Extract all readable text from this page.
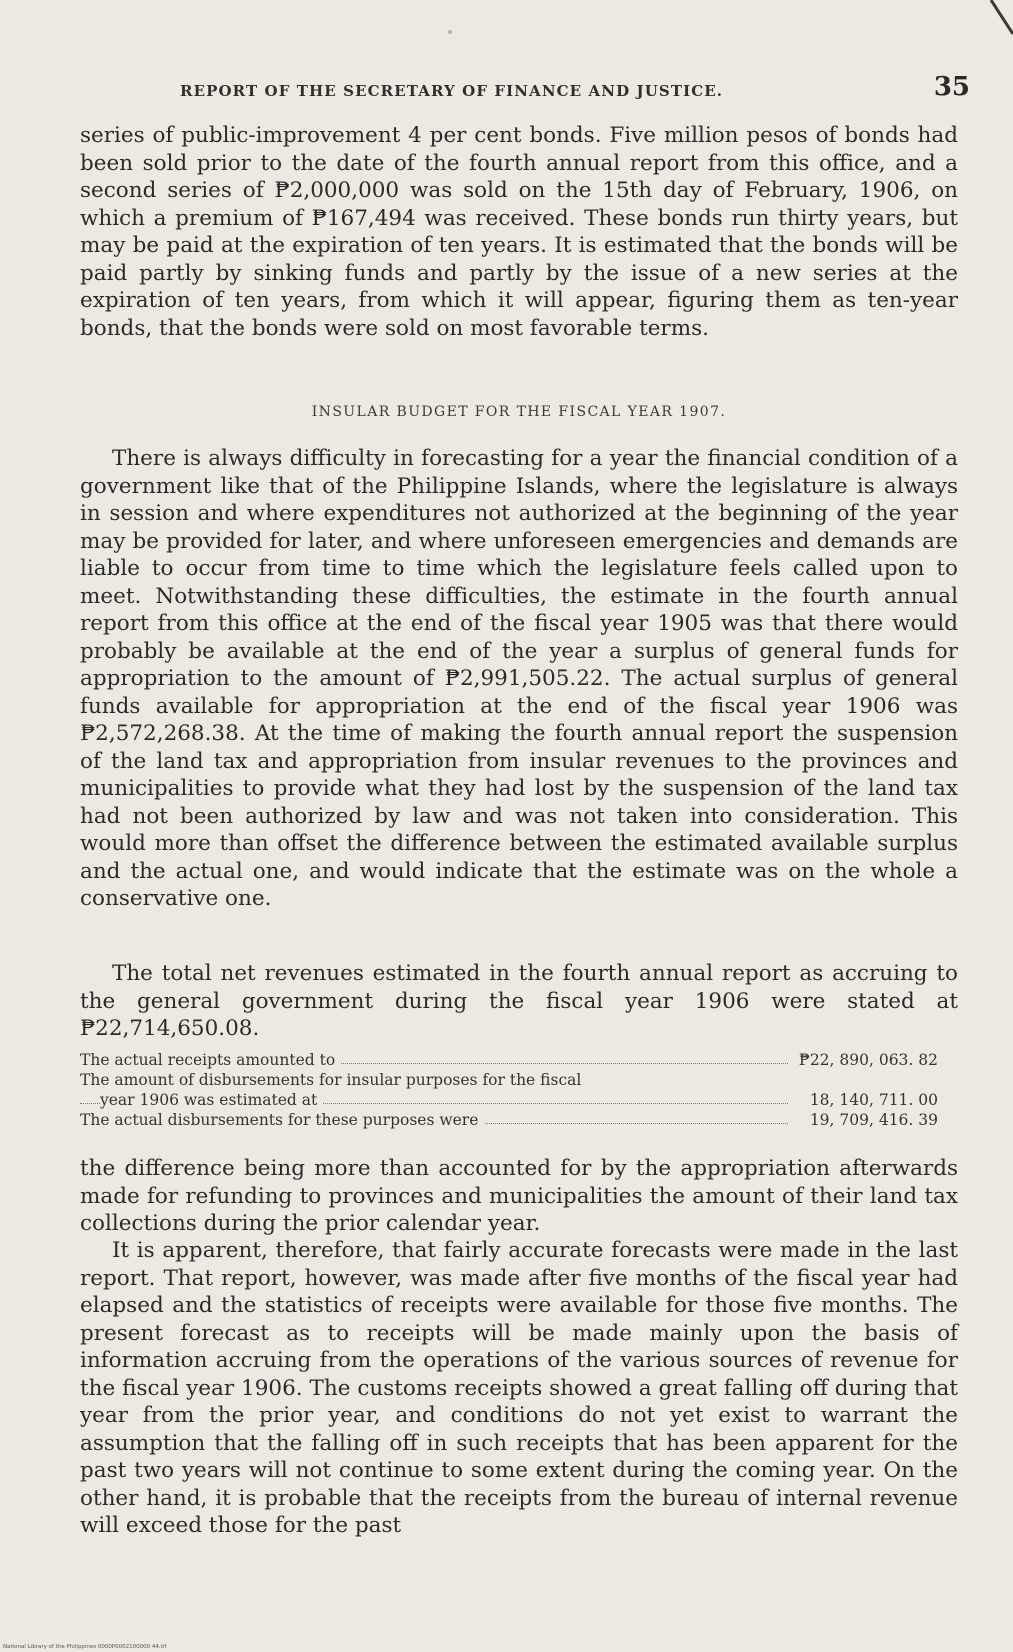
REPORT OF THE SECRETARY OF FINANCE AND JUSTICE.	35

series of public-improvement 4 per cent bonds. Five million pesos of bonds had been sold prior to the date of the fourth annual report from this office, and a second series of ₱2,000,000 was sold on the 15th day of February, 1906, on which a premium of ₱167,494 was received. These bonds run thirty years, but may be paid at the expiration of ten years. It is estimated that the bonds will be paid partly by sinking funds and partly by the issue of a new series at the expiration of ten years, from which it will appear, figuring them as ten-year bonds, that the bonds were sold on most favorable terms.

INSULAR BUDGET FOR THE FISCAL YEAR 1907.

There is always difficulty in forecasting for a year the financial condition of a government like that of the Philippine Islands, where the legislature is always in session and where expenditures not authorized at the beginning of the year may be provided for later, and where unforeseen emergencies and demands are liable to occur from time to time which the legislature feels called upon to meet. Notwithstanding these difficulties, the estimate in the fourth annual report from this office at the end of the fiscal year 1905 was that there would probably be available at the end of the year a surplus of general funds for appropriation to the amount of ₱2,991,505.22. The actual surplus of general funds available for appropriation at the end of the fiscal year 1906 was ₱2,572,268.38. At the time of making the fourth annual report the suspension of the land tax and appropriation from insular revenues to the provinces and municipalities to provide what they had lost by the suspension of the land tax had not been authorized by law and was not taken into consideration. This would more than offset the difference between the estimated available surplus and the actual one, and would indicate that the estimate was on the whole a conservative one.

The total net revenues estimated in the fourth annual report as accruing to the general government during the fiscal year 1906 were stated at ₱22,714,650.08.

The actual receipts amounted to	₱22, 890, 063. 82
The amount of disbursements for insular purposes for the fiscal
year 1906 was estimated at	18, 140, 711. 00
The actual disbursements for these purposes were	19, 709, 416. 39

the difference being more than accounted for by the appropriation afterwards made for refunding to provinces and municipalities the amount of their land tax collections during the prior calendar year.

It is apparent, therefore, that fairly accurate forecasts were made in the last report. That report, however, was made after five months of the fiscal year had elapsed and the statistics of receipts were available for those five months. The present forecast as to receipts will be made mainly upon the basis of information accruing from the operations of the various sources of revenue for the fiscal year 1906. The customs receipts showed a great falling off during that year from the prior year, and conditions do not yet exist to warrant the assumption that the falling off in such receipts that has been apparent for the past two years will not continue to some extent during the coming year. On the other hand, it is probable that the receipts from the bureau of internal revenue will exceed those for the past

National Library of the Philippines 0000P0002100000 44.tif
